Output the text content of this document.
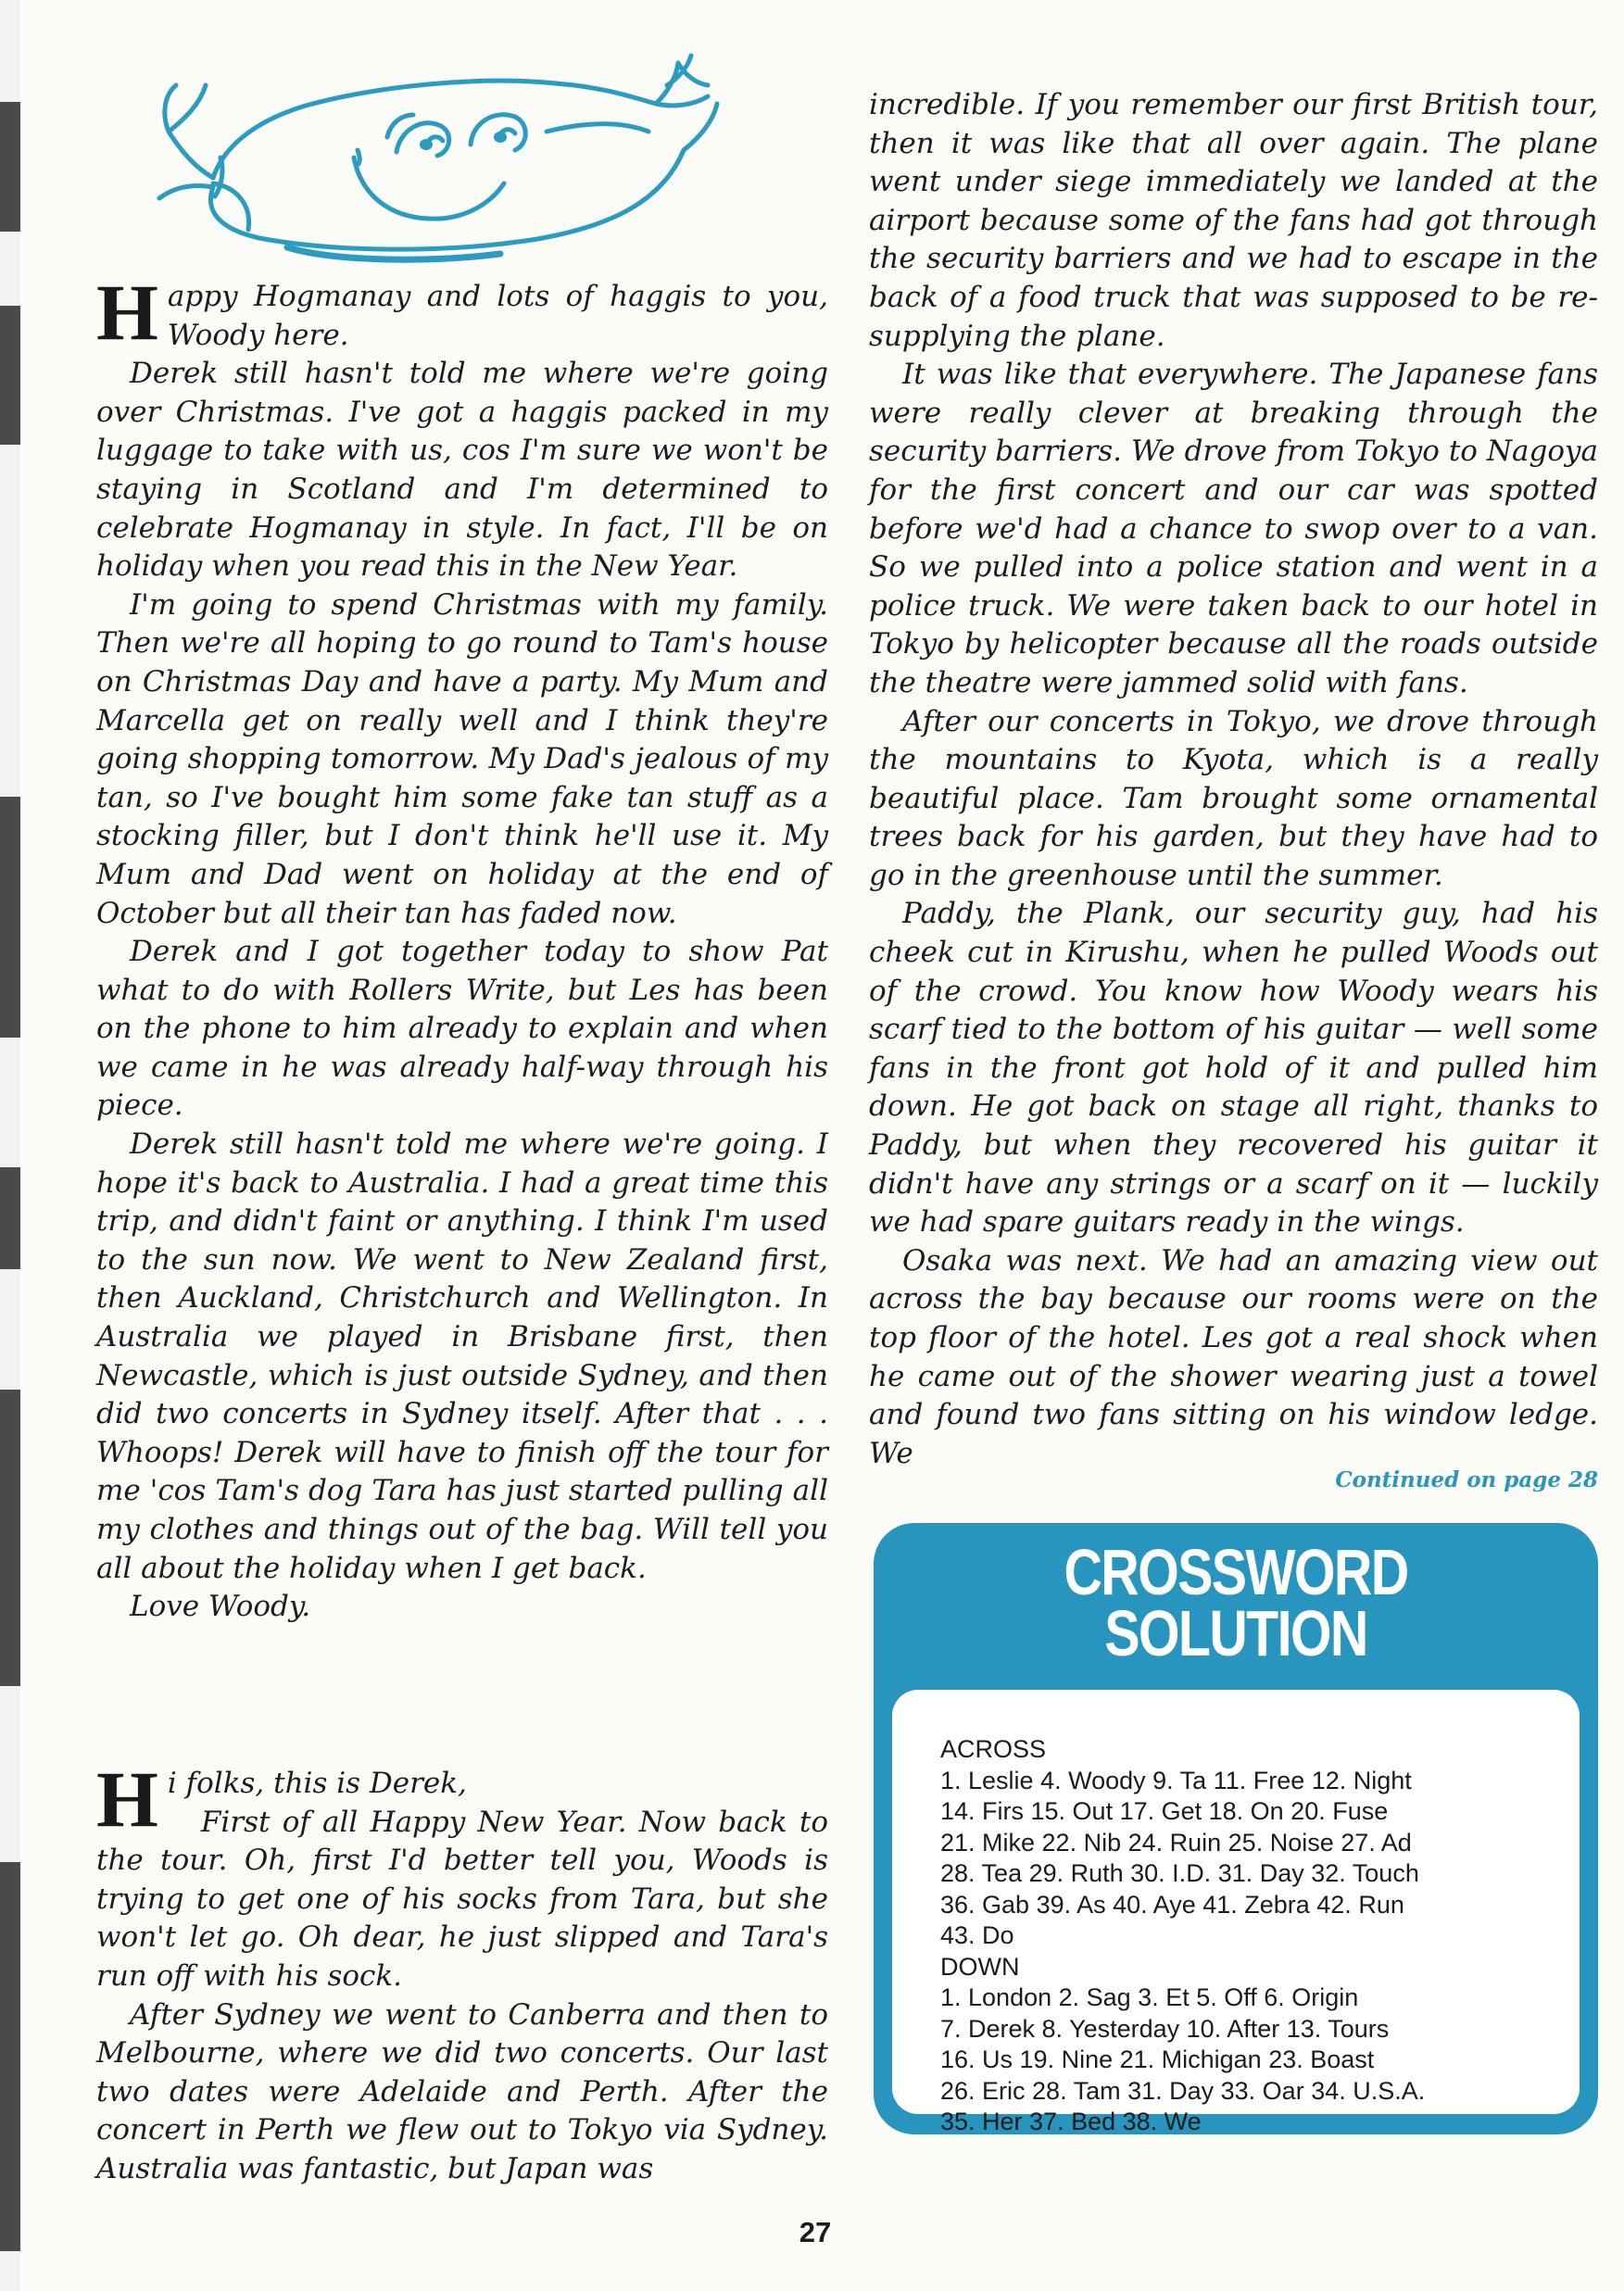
Happy Hogmanay and lots of haggis to you, Woody here.

Derek still hasn't told me where we're going over Christmas. I've got a haggis packed in my luggage to take with us, cos I'm sure we won't be staying in Scotland and I'm determined to celebrate Hogmanay in style. In fact, I'll be on holiday when you read this in the New Year.

I'm going to spend Christmas with my family. Then we're all hoping to go round to Tam's house on Christmas Day and have a party. My Mum and Marcella get on really well and I think they're going shopping tomorrow. My Dad's jealous of my tan, so I've bought him some fake tan stuff as a stocking filler, but I don't think he'll use it. My Mum and Dad went on holiday at the end of October but all their tan has faded now.

Derek and I got together today to show Pat what to do with Rollers Write, but Les has been on the phone to him already to explain and when we came in he was already half-way through his piece.

Derek still hasn't told me where we're going. I hope it's back to Australia. I had a great time this trip, and didn't faint or anything. I think I'm used to the sun now. We went to New Zealand first, then Auckland, Christchurch and Wellington. In Australia we played in Brisbane first, then Newcastle, which is just outside Sydney, and then did two concerts in Sydney itself. After that . . . Whoops! Derek will have to finish off the tour for me 'cos Tam's dog Tara has just started pulling all my clothes and things out of the bag. Will tell you all about the holiday when I get back.

Love Woody.

Hi folks, this is Derek,
First of all Happy New Year. Now back to the tour. Oh, first I'd better tell you, Woods is trying to get one of his socks from Tara, but she won't let go. Oh dear, he just slipped and Tara's run off with his sock.

After Sydney we went to Canberra and then to Melbourne, where we did two concerts. Our last two dates were Adelaide and Perth. After the concert in Perth we flew out to Tokyo via Sydney. Australia was fantastic, but Japan was

incredible. If you remember our first British tour, then it was like that all over again. The plane went under siege immediately we landed at the airport because some of the fans had got through the security barriers and we had to escape in the back of a food truck that was supposed to be re-supplying the plane.

It was like that everywhere. The Japanese fans were really clever at breaking through the security barriers. We drove from Tokyo to Nagoya for the first concert and our car was spotted before we'd had a chance to swop over to a van. So we pulled into a police station and went in a police truck. We were taken back to our hotel in Tokyo by helicopter because all the roads outside the theatre were jammed solid with fans.

After our concerts in Tokyo, we drove through the mountains to Kyota, which is a really beautiful place. Tam brought some ornamental trees back for his garden, but they have had to go in the greenhouse until the summer.

Paddy, the Plank, our security guy, had his cheek cut in Kirushu, when he pulled Woods out of the crowd. You know how Woody wears his scarf tied to the bottom of his guitar — well some fans in the front got hold of it and pulled him down. He got back on stage all right, thanks to Paddy, but when they recovered his guitar it didn't have any strings or a scarf on it — luckily we had spare guitars ready in the wings.

Osaka was next. We had an amazing view out across the bay because our rooms were on the top floor of the hotel. Les got a real shock when he came out of the shower wearing just a towel and found two fans sitting on his window ledge. We

Continued on page 28
CROSSWORD
SOLUTION
ACROSS
1. Leslie 4. Woody 9. Ta 11. Free 12. Night
14. Firs 15. Out 17. Get 18. On 20. Fuse
21. Mike 22. Nib 24. Ruin 25. Noise 27. Ad
28. Tea 29. Ruth 30. I.D. 31. Day 32. Touch
36. Gab 39. As 40. Aye 41. Zebra 42. Run
43. Do
DOWN
1. London 2. Sag 3. Et 5. Off 6. Origin
7. Derek 8. Yesterday 10. After 13. Tours
16. Us 19. Nine 21. Michigan 23. Boast
26. Eric 28. Tam 31. Day 33. Oar 34. U.S.A.
35. Her 37. Bed 38. We
27
